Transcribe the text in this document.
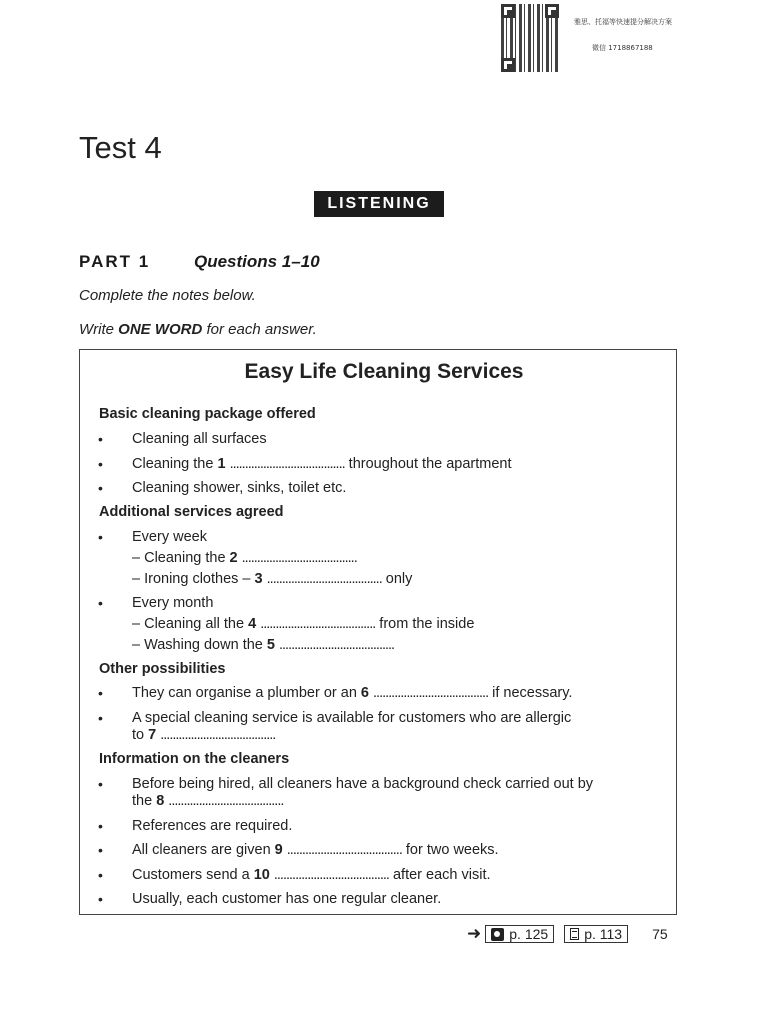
雅思、托福等快速提分解决方案
微信 1718867188
Test 4
LISTENING
PART 1	Questions 1–10
Complete the notes below.
Write ONE WORD for each answer.
Easy Life Cleaning Services
Basic cleaning package offered
• Cleaning all surfaces
• Cleaning the 1 ...................................... throughout the apartment
• Cleaning shower, sinks, toilet etc.
Additional services agreed
• Every week
– Cleaning the 2 ......................................
– Ironing clothes – 3 ...................................... only
• Every month
– Cleaning all the 4 ...................................... from the inside
– Washing down the 5 ......................................
Other possibilities
• They can organise a plumber or an 6 ...................................... if necessary.
• A special cleaning service is available for customers who are allergic
to 7 ......................................
Information on the cleaners
• Before being hired, all cleaners have a background check carried out by
the 8 ......................................
• References are required.
• All cleaners are given 9 ...................................... for two weeks.
• Customers send a 10 ...................................... after each visit.
• Usually, each customer has one regular cleaner.
➜ p. 125	p. 113 75
